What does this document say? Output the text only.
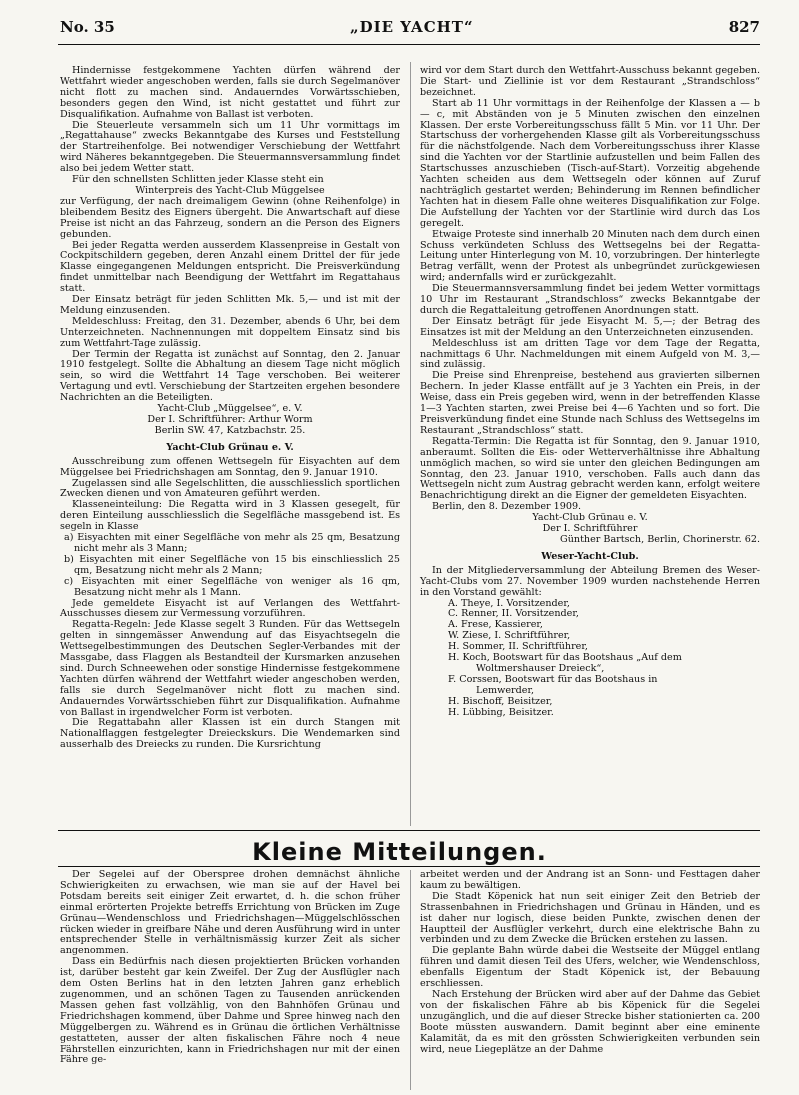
No. 35	„DIE YACHT“	827

Hindernisse festgekommene Yachten dürfen während der Wettfahrt wieder angeschoben werden, falls sie durch Segelmanöver nicht flott zu machen sind. Andauerndes Vorwärtsschieben, besonders gegen den Wind, ist nicht gestattet und führt zur Disqualifikation. Aufnahme von Ballast ist verboten.

Die Steuerleute versammeln sich um 11 Uhr vormittags im „Regattahause“ zwecks Bekanntgabe des Kurses und Feststellung der Startreihenfolge. Bei notwendiger Verschiebung der Wettfahrt wird Näheres bekanntgegeben. Die Steuermannsversammlung findet also bei jedem Wetter statt.

Für den schnellsten Schlitten jeder Klasse steht ein

Winterpreis des Yacht-Club Müggelsee

zur Verfügung, der nach dreimaligem Gewinn (ohne Reihenfolge) in bleibendem Besitz des Eigners übergeht. Die Anwartschaft auf diese Preise ist nicht an das Fahrzeug, sondern an die Person des Eigners gebunden.

Bei jeder Regatta werden ausserdem Klassenpreise in Gestalt von Cockpitschildern gegeben, deren Anzahl einem Drittel der für jede Klasse eingegangenen Meldungen entspricht. Die Preisverkündung findet unmittelbar nach Beendigung der Wettfahrt im Regattahaus statt.

Der Einsatz beträgt für jeden Schlitten Mk. 5,— und ist mit der Meldung einzusenden.

Meldeschluss: Freitag, den 31. Dezember, abends 6 Uhr, bei dem Unterzeichneten. Nachnennungen mit doppeltem Einsatz sind bis zum Wettfahrt-Tage zulässig.

Der Termin der Regatta ist zunächst auf Sonntag, den 2. Januar 1910 festgelegt. Sollte die Abhaltung an diesem Tage nicht möglich sein, so wird die Wettfahrt 14 Tage verschoben. Bei weiterer Vertagung und evtl. Verschiebung der Startzeiten ergehen besondere Nachrichten an die Beteiligten.

Yacht-Club „Müggelsee“, e. V.

Der I. Schriftführer: Arthur Worm

Berlin SW. 47, Katzbachstr. 25.

Yacht-Club Grünau e. V.

Ausschreibung zum offenen Wettsegeln für Eisyachten auf dem Müggelsee bei Friedrichshagen am Sonntag, den 9. Januar 1910.

Zugelassen sind alle Segelschlitten, die ausschliesslich sportlichen Zwecken dienen und von Amateuren geführt werden.

Klasseneinteilung: Die Regatta wird in 3 Klassen gesegelt, für deren Einteilung ausschliesslich die Segelfläche massgebend ist. Es segeln in Klasse

a) Eisyachten mit einer Segelfläche von mehr als 25 qm, Besatzung nicht mehr als 3 Mann;

b) Eisyachten mit einer Segelfläche von 15 bis einschliesslich 25 qm, Besatzung nicht mehr als 2 Mann;

c) Eisyachten mit einer Segelfläche von weniger als 16 qm, Besatzung nicht mehr als 1 Mann.

Jede gemeldete Eisyacht ist auf Verlangen des Wettfahrt-Ausschusses diesem zur Vermessung vorzuführen.

Regatta-Regeln: Jede Klasse segelt 3 Runden. Für das Wettsegeln gelten in sinngemässer Anwendung auf das Eisyachtsegeln die Wettsegelbestimmungen des Deutschen Segler-Verbandes mit der Massgabe, dass Flaggen als Bestandteil der Kursmarken anzusehen sind. Durch Schneewehen oder sonstige Hindernisse festgekommene Yachten dürfen während der Wettfahrt wieder angeschoben werden, falls sie durch Segelmanöver nicht flott zu machen sind. Andauerndes Vorwärtsschieben führt zur Disqualifikation. Aufnahme von Ballast in irgendwelcher Form ist verboten.

Die Regattabahn aller Klassen ist ein durch Stangen mit Nationalflaggen festgelegter Dreieckskurs. Die Wendemarken sind ausserhalb des Dreiecks zu runden. Die Kursrichtung

wird vor dem Start durch den Wettfahrt-Ausschuss bekannt gegeben. Die Start- und Ziellinie ist vor dem Restaurant „Strandschloss“ bezeichnet.

Start ab 11 Uhr vormittags in der Reihenfolge der Klassen a — b — c, mit Abständen von je 5 Minuten zwischen den einzelnen Klassen. Der erste Vorbereitungsschuss fällt 5 Min. vor 11 Uhr. Der Startschuss der vorhergehenden Klasse gilt als Vorbereitungsschuss für die nächstfolgende. Nach dem Vorbereitungsschuss ihrer Klasse sind die Yachten vor der Startlinie aufzustellen und beim Fallen des Startschusses anzuschieben (Tisch-auf-Start). Vorzeitig abgehende Yachten scheiden aus dem Wettsegeln oder können auf Zuruf nachträglich gestartet werden; Behinderung im Rennen befindlicher Yachten hat in diesem Falle ohne weiteres Disqualifikation zur Folge. Die Aufstellung der Yachten vor der Startlinie wird durch das Los geregelt.

Etwaige Proteste sind innerhalb 20 Minuten nach dem durch einen Schuss verkündeten Schluss des Wettsegelns bei der Regatta-Leitung unter Hinterlegung von M. 10, vorzubringen. Der hinterlegte Betrag verfällt, wenn der Protest als unbegründet zurückgewiesen wird; andernfalls wird er zurückgezahlt.

Die Steuermannsversammlung findet bei jedem Wetter vormittags 10 Uhr im Restaurant „Strandschloss“ zwecks Bekanntgabe der durch die Regattaleitung getroffenen Anordnungen statt.

Der Einsatz beträgt für jede Eisyacht M. 5,—; der Betrag des Einsatzes ist mit der Meldung an den Unterzeichneten einzusenden.

Meldeschluss ist am dritten Tage vor dem Tage der Regatta, nachmittags 6 Uhr. Nachmeldungen mit einem Aufgeld von M. 3,— sind zulässig.

Die Preise sind Ehrenpreise, bestehend aus gravierten silbernen Bechern. In jeder Klasse entfällt auf je 3 Yachten ein Preis, in der Weise, dass ein Preis gegeben wird, wenn in der betreffenden Klasse 1—3 Yachten starten, zwei Preise bei 4—6 Yachten und so fort. Die Preisverkündung findet eine Stunde nach Schluss des Wettsegelns im Restaurant „Strandschloss“ statt.

Regatta-Termin: Die Regatta ist für Sonntag, den 9. Januar 1910, anberaumt. Sollten die Eis- oder Wetterverhältnisse ihre Abhaltung unmöglich machen, so wird sie unter den gleichen Bedingungen am Sonntag, den 23. Januar 1910, verschoben. Falls auch dann das Wettsegeln nicht zum Austrag gebracht werden kann, erfolgt weitere Benachrichtigung direkt an die Eigner der gemeldeten Eisyachten.

Berlin, den 8. Dezember 1909.

Yacht-Club Grünau e. V.

Der I. Schriftführer

Günther Bartsch, Berlin, Chorinerstr. 62.

Weser-Yacht-Club.

In der Mitgliederversammlung der Abteilung Bremen des Weser-Yacht-Clubs vom 27. November 1909 wurden nachstehende Herren in den Vorstand gewählt:

A. Theye, I. Vorsitzender,

C. Renner, II. Vorsitzender,

A. Frese, Kassierer,

W. Ziese, I. Schriftführer,

H. Sommer, II. Schriftführer,

H. Koch, Bootswart für das Bootshaus „Auf dem

Woltmershauser Dreieck“,

F. Corssen, Bootswart für das Bootshaus in

Lemwerder,

H. Bischoff, Beisitzer,

H. Lübbing, Beisitzer.

Kleine Mitteilungen.

Der Segelei auf der Oberspree drohen demnächst ähnliche Schwierigkeiten zu erwachsen, wie man sie auf der Havel bei Potsdam bereits seit einiger Zeit erwartet, d. h. die schon früher einmal erörterten Projekte betreffs Errichtung von Brücken im Zuge Grünau—Wendenschloss und Friedrichshagen—Müggelschlösschen rücken wieder in greifbare Nähe und deren Ausführung wird in unter entsprechender Stelle in verhältnismässig kurzer Zeit als sicher angenommen.

Dass ein Bedürfnis nach diesen projektierten Brücken vorhanden ist, darüber besteht gar kein Zweifel. Der Zug der Ausflügler nach dem Osten Berlins hat in den letzten Jahren ganz erheblich zugenommen, und an schönen Tagen zu Tausenden anrückenden Massen gehen fast vollzählig, von den Bahnhöfen Grünau und Friedrichshagen kommend, über Dahme und Spree hinweg nach den Müggelbergen zu. Während es in Grünau die örtlichen Verhältnisse gestatteten, ausser der alten fiskalischen Fähre noch 4 neue Fährstellen einzurichten, kann in Friedrichshagen nur mit der einen Fähre ge-

arbeitet werden und der Andrang ist an Sonn- und Festtagen daher kaum zu bewältigen.

Die Stadt Köpenick hat nun seit einiger Zeit den Betrieb der Strassenbahnen in Friedrichshagen und Grünau in Händen, und es ist daher nur logisch, diese beiden Punkte, zwischen denen der Hauptteil der Ausflügler verkehrt, durch eine elektrische Bahn zu verbinden und zu dem Zwecke die Brücken erstehen zu lassen.

Die geplante Bahn würde dabei die Westseite der Müggel entlang führen und damit diesen Teil des Ufers, welcher, wie Wendenschloss, ebenfalls Eigentum der Stadt Köpenick ist, der Bebauung erschliessen.

Nach Erstehung der Brücken wird aber auf der Dahme das Gebiet von der fiskalischen Fähre ab bis Köpenick für die Segelei unzugänglich, und die auf dieser Strecke bisher stationierten ca. 200 Boote müssten auswandern. Damit beginnt aber eine eminente Kalamität, da es mit den grössten Schwierigkeiten verbunden sein wird, neue Liegeplätze an der Dahme
